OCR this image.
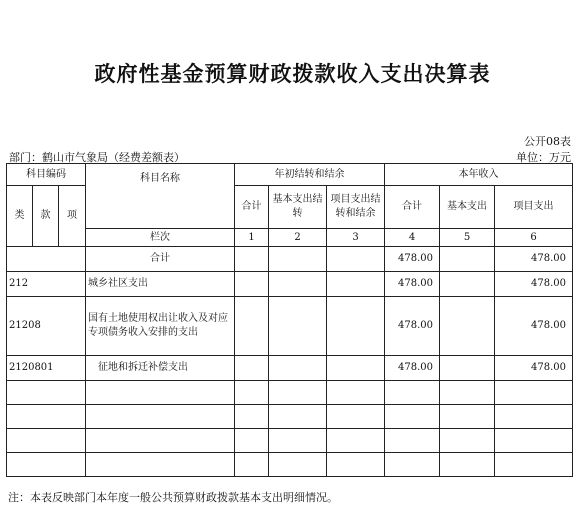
政府性基金预算财政拨款收入支出决算表
公开08表
部门：鹤山市气象局（经费差额表）	单位：万元
科目编码			科目名称	年初结转和结余			本年收入		
类	款	项		合计	基本支出结转	项目支出结转和结余	合计	基本支出	项目支出
			栏次	1	2	3	4	5	6
			合计				478.00		478.00
212			城乡社区支出				478.00		478.00
21208			国有土地使用权出让收入及对应专项债务收入安排的支出				478.00		478.00
2120801			征地和拆迁补偿支出				478.00		478.00

注：本表反映部门本年度一般公共预算财政拨款基本支出明细情况。
